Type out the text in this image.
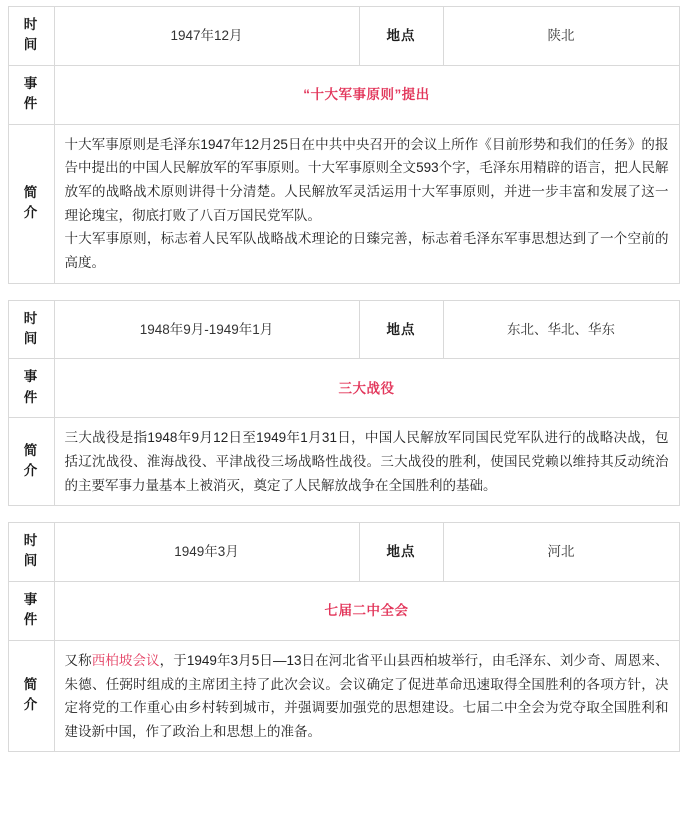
时间	1947年12月	地点	陕北
事件	“十大军事原则”提出		
简介	十大军事原则是毛泽东1947年12月25日在中共中央召开的会议上所作《目前形势和我们的任务》的报告中提出的中国人民解放军的军事原则。十大军事原则全文593个字，毛泽东用精辟的语言，把人民解放军的战略战术原则讲得十分清楚。人民解放军灵活运用十大军事原则，并进一步丰富和发展了这一理论瑰宝，彻底打败了八百万国民党军队。

十大军事原则，标志着人民军队战略战术理论的日臻完善，标志着毛泽东军事思想达到了一个空前的高度。		

时间	1948年9月-1949年1月	地点	东北、华北、华东
事件	三大战役		
简介	三大战役是指1948年9月12日至1949年1月31日，中国人民解放军同国民党军队进行的战略决战，包括辽沈战役、淮海战役、平津战役三场战略性战役。三大战役的胜利，使国民党赖以维持其反动统治的主要军事力量基本上被消灭，奠定了人民解放战争在全国胜利的基础。		

时间	1949年3月	地点	河北
事件	七届二中全会		
简介	又称西柏坡会议，于1949年3月5日—13日在河北省平山县西柏坡举行，由毛泽东、刘少奇、周恩来、朱德、任弼时组成的主席团主持了此次会议。会议确定了促进革命迅速取得全国胜利的各项方针，决定将党的工作重心由乡村转到城市，并强调要加强党的思想建设。七届二中全会为党夺取全国胜利和建设新中国，作了政治上和思想上的准备。		
